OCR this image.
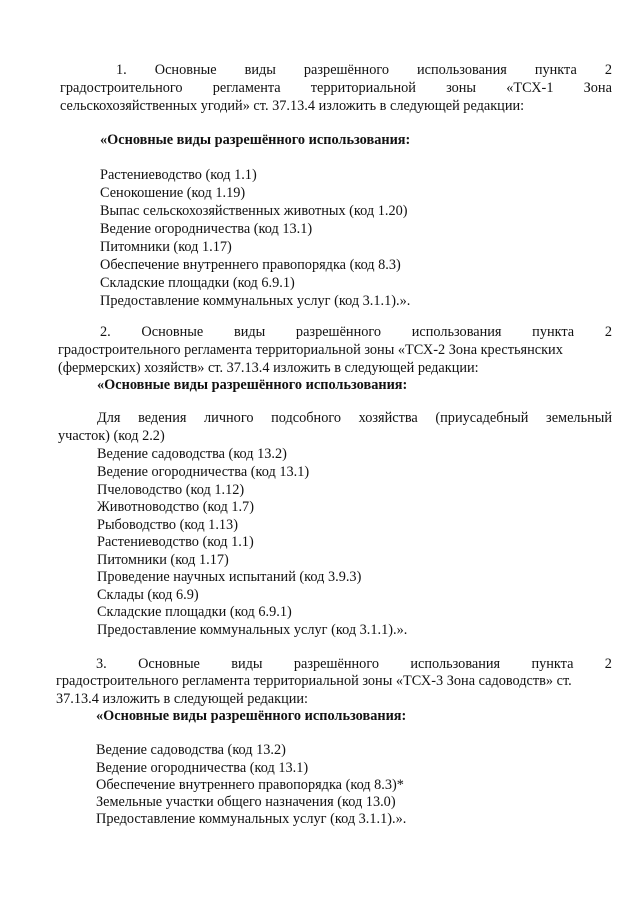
1. Основные виды разрешённого использования пункта 2
градостроительного регламента территориальной зоны «ТСХ-1 Зона
сельскохозяйственных угодий» ст. 37.13.4 изложить в следующей редакции:
«Основные виды разрешённого использования:
Растениеводство (код 1.1)
Сенокошение (код 1.19)
Выпас сельскохозяйственных животных (код 1.20)
Ведение огородничества (код 13.1)
Питомники (код 1.17)
Обеспечение внутреннего правопорядка (код 8.3)
Складские площадки (код 6.9.1)
Предоставление коммунальных услуг (код 3.1.1).».
2. Основные виды разрешённого использования пункта 2
градостроительного регламента территориальной зоны «ТСХ-2 Зона крестьянских
(фермерских) хозяйств» ст. 37.13.4 изложить в следующей редакции:
«Основные виды разрешённого использования:
Для ведения личного подсобного хозяйства (приусадебный земельный
участок) (код 2.2)
Ведение садоводства (код 13.2)
Ведение огородничества (код 13.1)
Пчеловодство (код 1.12)
Животноводство (код 1.7)
Рыбоводство (код 1.13)
Растениеводство (код 1.1)
Питомники (код 1.17)
Проведение научных испытаний (код 3.9.3)
Склады (код 6.9)
Складские площадки (код 6.9.1)
Предоставление коммунальных услуг (код 3.1.1).».
3. Основные виды разрешённого использования пункта 2
градостроительного регламента территориальной зоны «ТСХ-3 Зона садоводств» ст.
37.13.4 изложить в следующей редакции:
«Основные виды разрешённого использования:
Ведение садоводства (код 13.2)
Ведение огородничества (код 13.1)
Обеспечение внутреннего правопорядка (код 8.3)*
Земельные участки общего назначения (код 13.0)
Предоставление коммунальных услуг (код 3.1.1).».
